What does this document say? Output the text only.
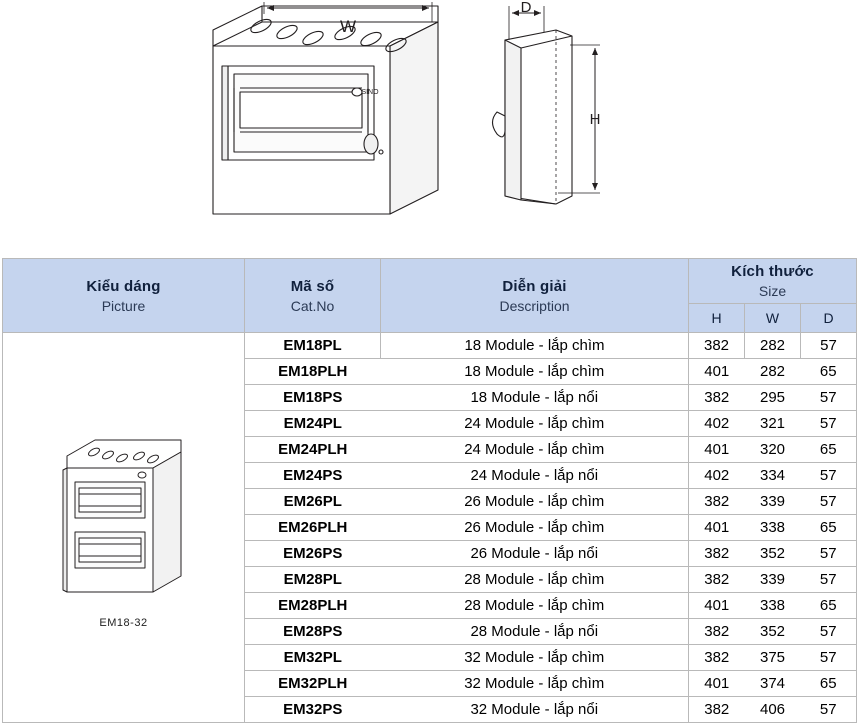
W
D
H
SINO
Kiểu dáng
Picture	Mã số
Cat.No	Diễn giải
Description	Kích thước
Size		

			H	W	D

EM18-32	EM18PL	18 Module - lắp chìm	382	282	57
	EM18PLH	18 Module - lắp chìm	401	282	65
	EM18PS	18 Module - lắp nổi	382	295	57
	EM24PL	24 Module - lắp chìm	402	321	57
	EM24PLH	24 Module - lắp chìm	401	320	65
	EM24PS	24 Module - lắp nổi	402	334	57
	EM26PL	26 Module - lắp chìm	382	339	57
	EM26PLH	26 Module - lắp chìm	401	338	65
	EM26PS	26 Module - lắp nổi	382	352	57
	EM28PL	28 Module - lắp chìm	382	339	57
	EM28PLH	28 Module - lắp chìm	401	338	65
	EM28PS	28 Module - lắp nổi	382	352	57
	EM32PL	32 Module - lắp chìm	382	375	57
	EM32PLH	32 Module - lắp chìm	401	374	65
	EM32PS	32 Module - lắp nổi	382	406	57
